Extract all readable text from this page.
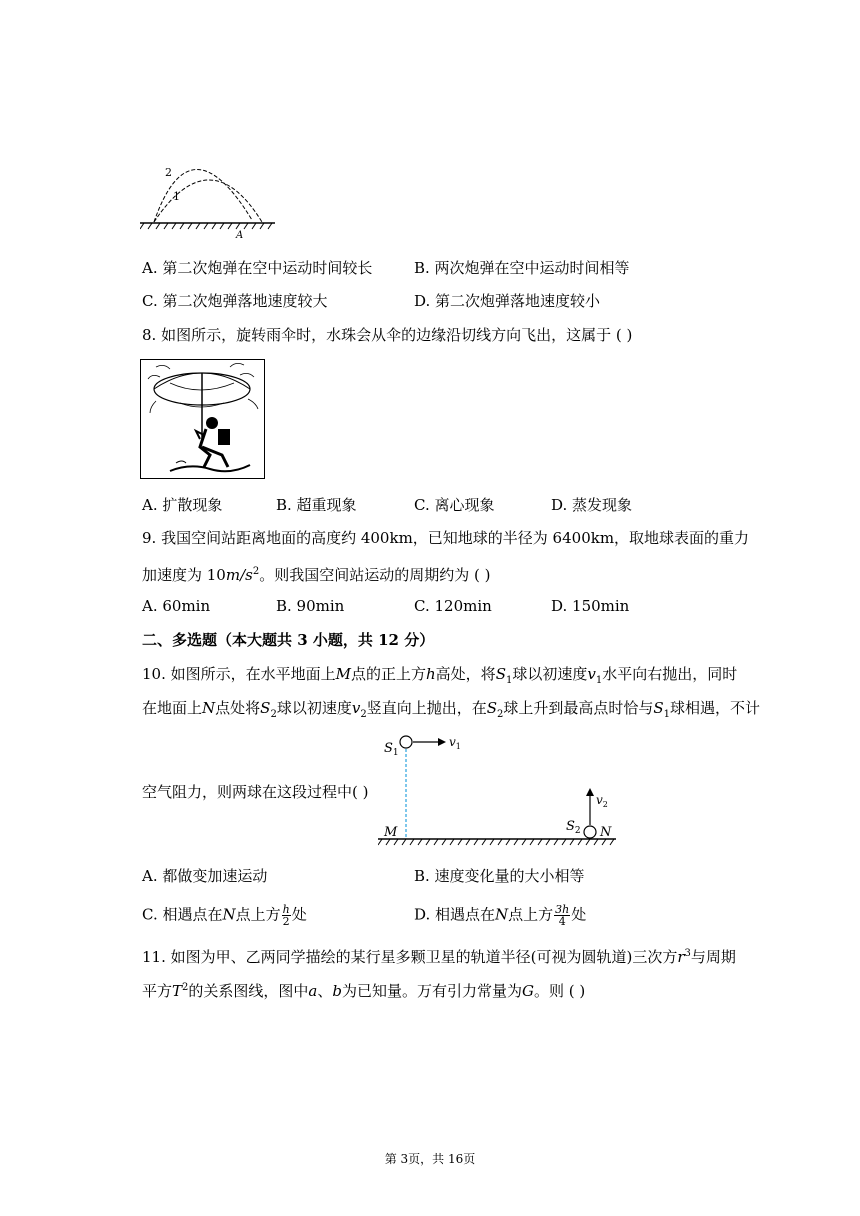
2
1
A
A. 第二次炮弹在空中运动时间较长	B. 两次炮弹在空中运动时间相等
C. 第二次炮弹落地速度较大	D. 第二次炮弹落地速度较小
8. 如图所示，旋转雨伞时，水珠会从伞的边缘沿切线方向飞出，这属于 ( )
A. 扩散现象	B. 超重现象	C. 离心现象	D. 蒸发现象
9. 我国空间站距离地面的高度约 400km，已知地球的半径为 6400km，取地球表面的重力
加速度为 $10m/s^2$。则我国空间站运动的周期约为 ( )
A. 60min	B. 90min	C. 120min	D. 150min
二、多选题（本大题共 3 小题，共 12 分）
10. 如图所示，在水平地面上M点的正上方h高处，将$S_1$球以初速度$v_1$水平向右抛出，同时
在地面上N点处将$S_2$球以初速度$v_2$竖直向上抛出，在$S_2$球上升到最高点时恰与$S_1$球相遇，不计
$S_1$
$v_1$
$v_2$
$S_2$
M	N
空气阻力，则两球在这段过程中( )
A. 都做变加速运动	B. 速度变化量的大小相等
C. 相遇点在N点上方 $\frac{h}{2}$ 处	D. 相遇点在N点上方 $\frac{3h}{4}$ 处
11. 如图为甲、乙两同学描绘的某行星多颗卫星的轨道半径(可视为圆轨道)三次方$r^3$与周期
平方$T^2$的关系图线，图中a、b为已知量。万有引力常量为G。则 ( )
第 3页，共 16页
